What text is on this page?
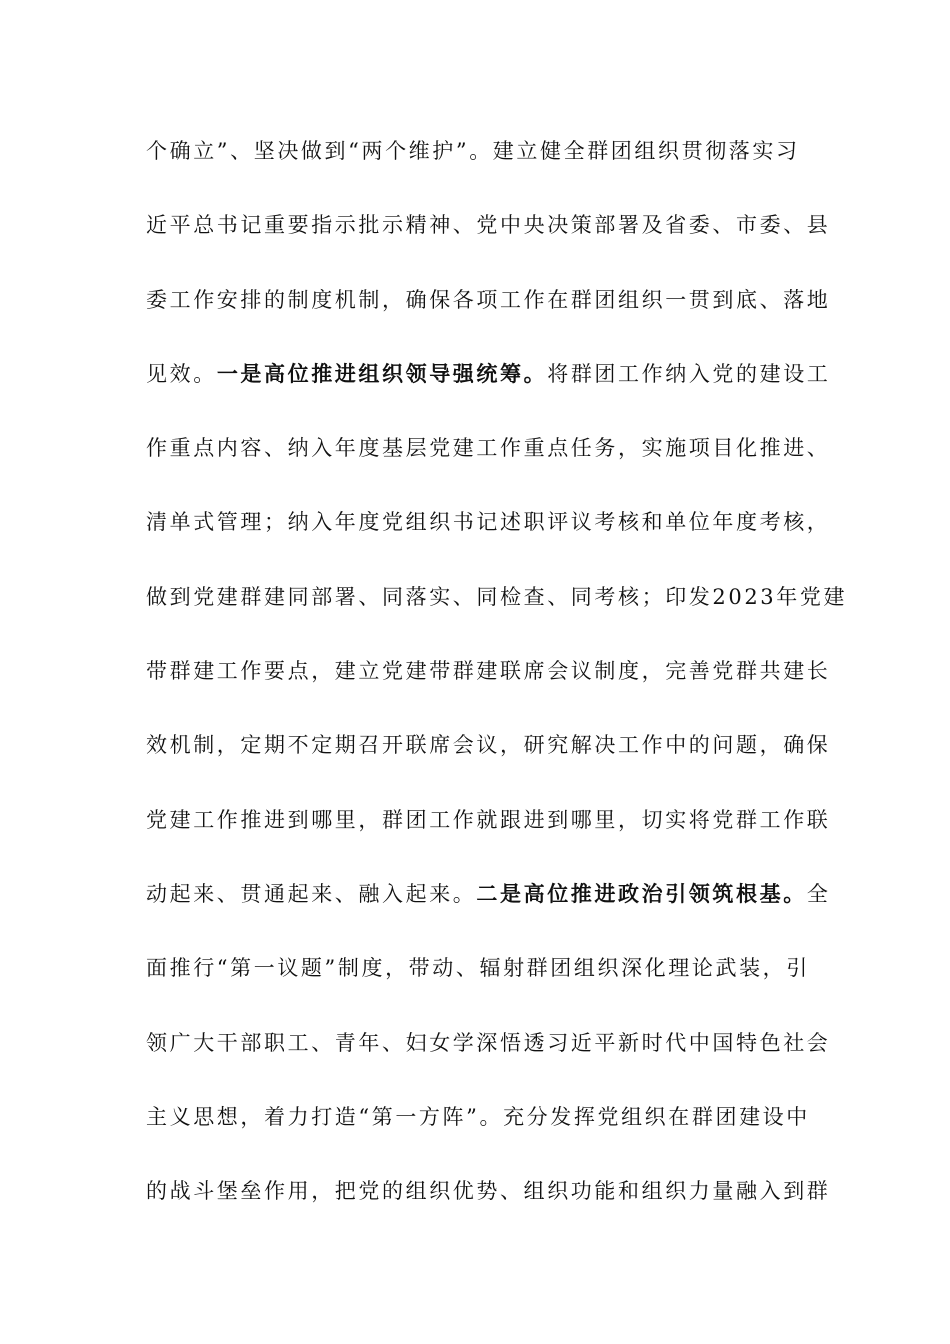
个确立”、坚决做到“两个维护”。建立健全群团组织贯彻落实习
近平总书记重要指示批示精神、党中央决策部署及省委、市委、县
委工作安排的制度机制，确保各项工作在群团组织一贯到底、落地
见效。一是高位推进组织领导强统筹。将群团工作纳入党的建设工
作重点内容、纳入年度基层党建工作重点任务，实施项目化推进、
清单式管理；纳入年度党组织书记述职评议考核和单位年度考核，
做到党建群建同部署、同落实、同检查、同考核；印发2023年党建
带群建工作要点，建立党建带群建联席会议制度，完善党群共建长
效机制，定期不定期召开联席会议，研究解决工作中的问题，确保
党建工作推进到哪里，群团工作就跟进到哪里，切实将党群工作联
动起来、贯通起来、融入起来。二是高位推进政治引领筑根基。全
面推行“第一议题”制度，带动、辐射群团组织深化理论武装，引
领广大干部职工、青年、妇女学深悟透习近平新时代中国特色社会
主义思想，着力打造“第一方阵”。充分发挥党组织在群团建设中
的战斗堡垒作用，把党的组织优势、组织功能和组织力量融入到群
